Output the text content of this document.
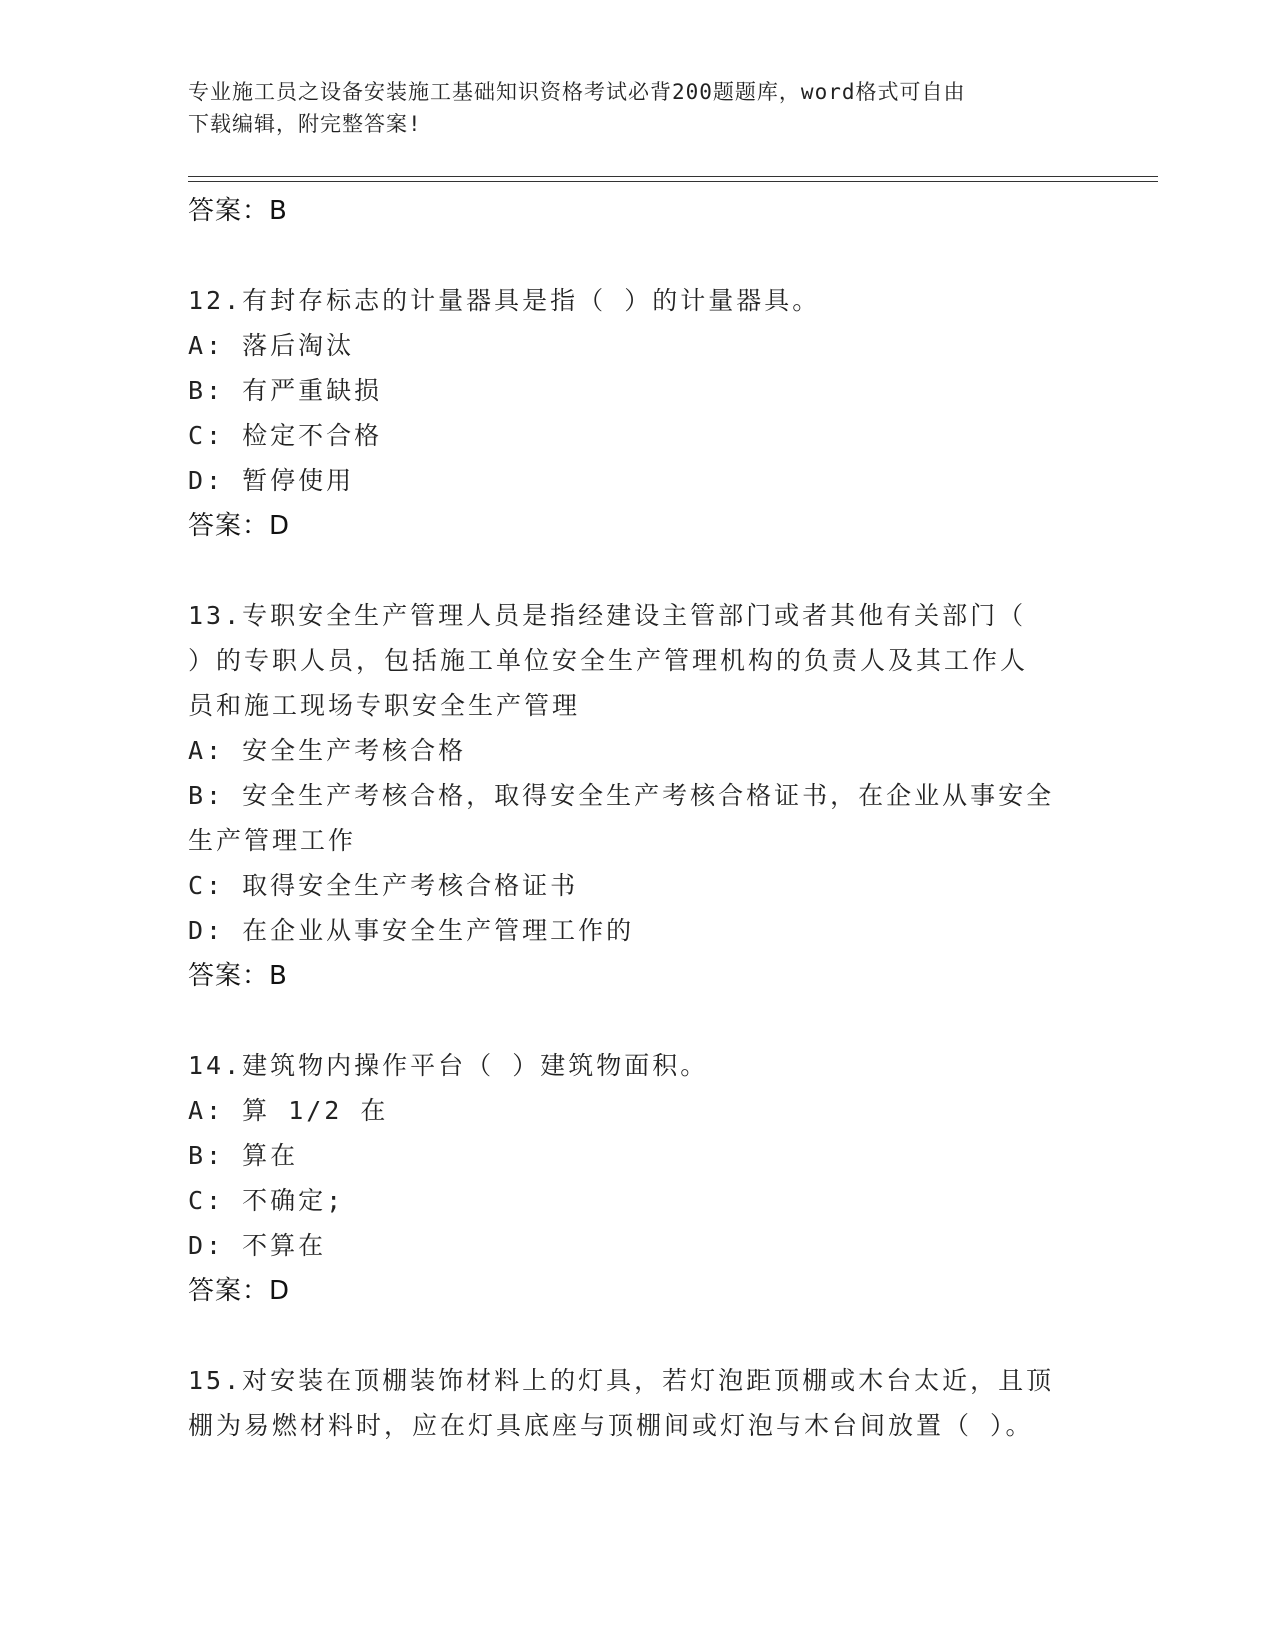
专业施工员之设备安装施工基础知识资格考试必背200题题库，word格式可自由
下载编辑，附完整答案!
答案：B
12.有封存标志的计量器具是指（ ）的计量器具。
A: 落后淘汰
B: 有严重缺损
C: 检定不合格
D: 暂停使用
答案：D
13.专职安全生产管理人员是指经建设主管部门或者其他有关部门（
）的专职人员，包括施工单位安全生产管理机构的负责人及其工作人
员和施工现场专职安全生产管理
A: 安全生产考核合格
B: 安全生产考核合格，取得安全生产考核合格证书，在企业从事安全
生产管理工作
C: 取得安全生产考核合格证书
D: 在企业从事安全生产管理工作的
答案：B
14.建筑物内操作平台（ ）建筑物面积。
A: 算 1/2 在
B: 算在
C: 不确定;
D: 不算在
答案：D
15.对安装在顶棚装饰材料上的灯具，若灯泡距顶棚或木台太近，且顶
棚为易燃材料时，应在灯具底座与顶棚间或灯泡与木台间放置（ ）。
